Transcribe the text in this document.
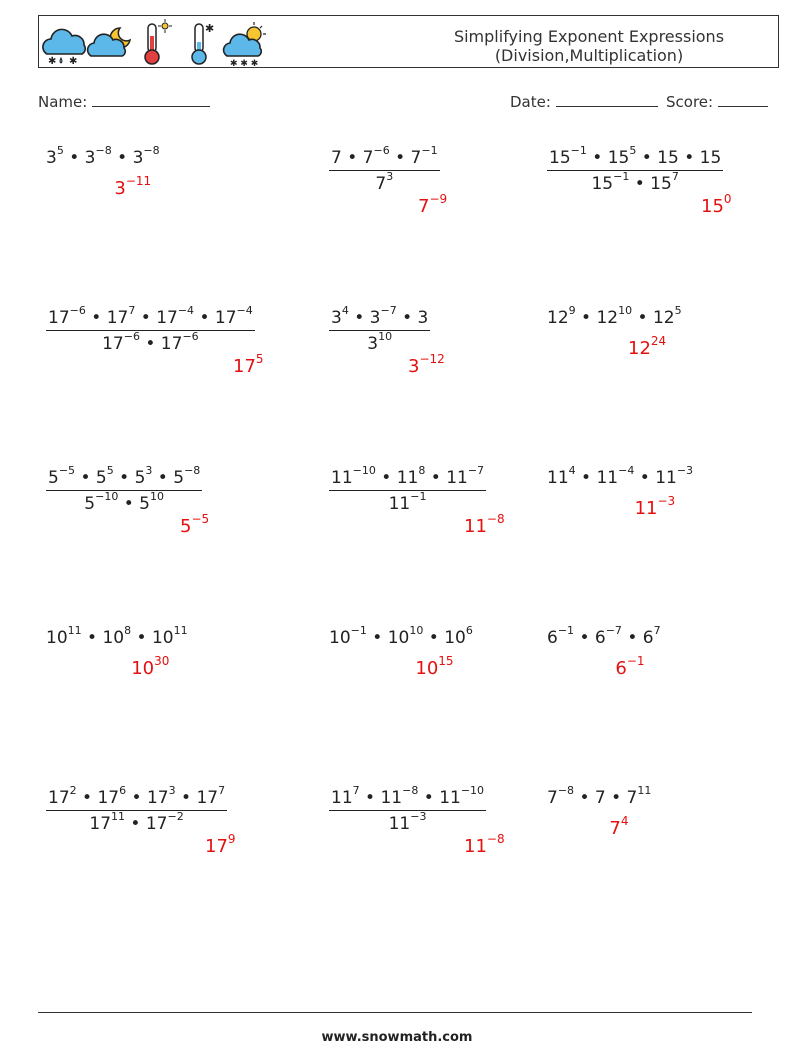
✱ ✱
✱
✱ ✱ ✱
Simplifying Exponent Expressions
(Division,Multiplication)
Name:	Date:	Score:
$3^5$ • $3^{-8}$ • $3^{-8}$
$3^{-11}$	$\frac{7 • 7^{-6} • 7^{-1}}{7^3}$
$7^{-9}$
$\frac{15^{-1} • 15^5 • 15 • 15}{15^{-1} • 15^7}$
$15^0$
$\frac{17^{-6} • 17^7 • 17^{-4} • 17^{-4}}{17^{-6} • 17^{-6}}$
$17^5$
$\frac{3^4 • 3^{-7} • 3}{3^{10}}$
$3^{-12}$
$12^9$ • $12^{10}$ • $12^5$
$12^{24}$
$\frac{5^{-5} • 5^5 • 5^3 • 5^{-8}}{5^{-10} • 5^{10}}$
$5^{-5}$
$\frac{11^{-10} • 11^8 • 11^{-7}}{11^{-1}}$
$11^{-8}$
$11^4$ • $11^{-4}$ • $11^{-3}$
$11^{-3}$
$10^{11}$ • $10^8$ • $10^{11}$
$10^{30}$
$10^{-1}$ • $10^{10}$ • $10^6$
$10^{15}$
$6^{-1}$ • $6^{-7}$ • $6^7$
$6^{-1}$
$\frac{17^2 • 17^6 • 17^3 • 17^7}{17^{11} • 17^{-2}}$
$17^9$
$\frac{11^7 • 11^{-8} • 11^{-10}}{11^{-3}}$
$11^{-8}$
$7^{-8}$ • 7 • $7^{11}$
$7^4$
www.snowmath.com
